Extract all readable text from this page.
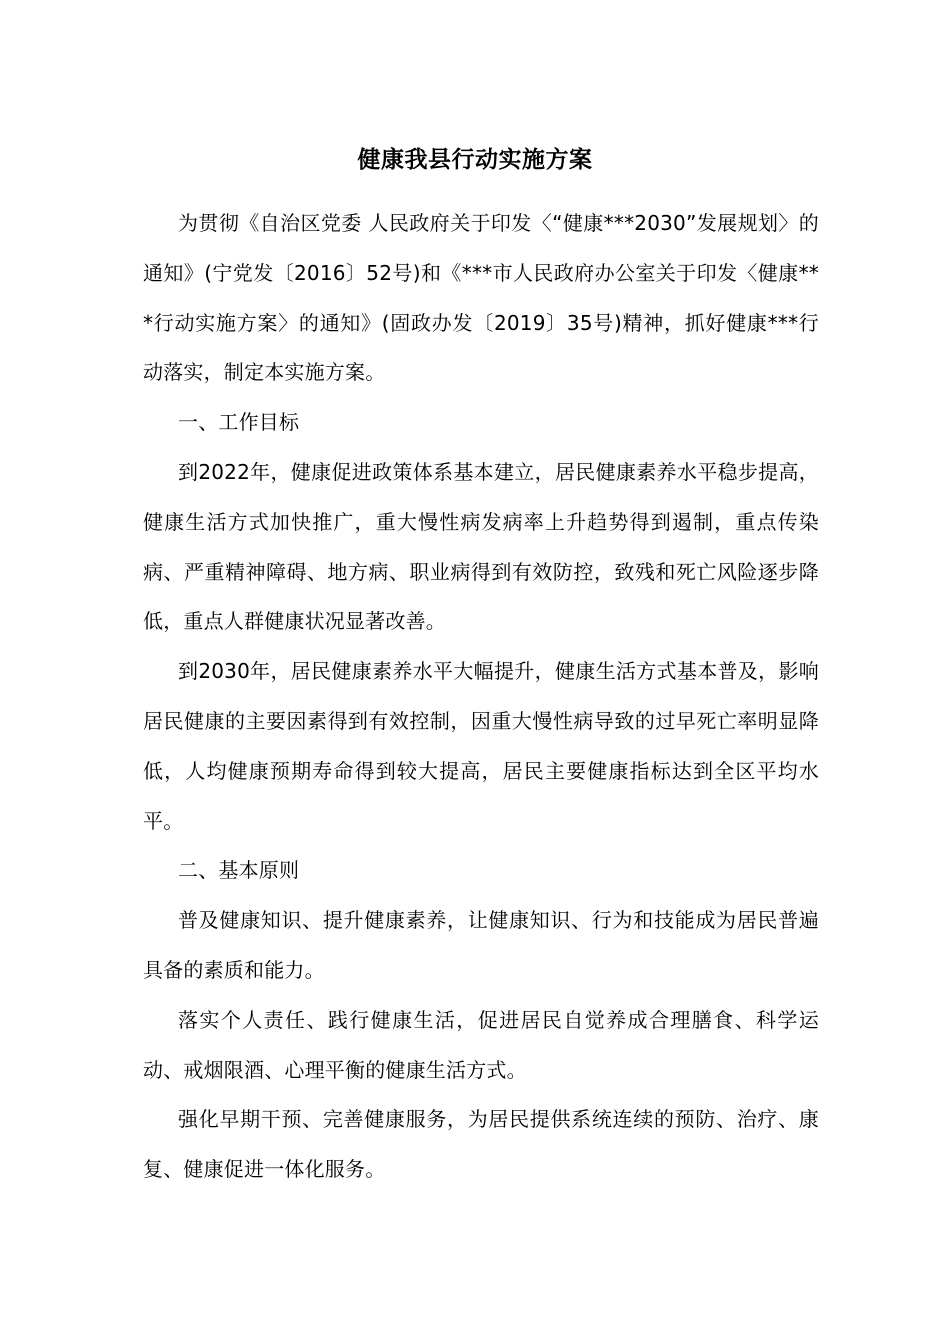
健康我县行动实施方案

为贯彻《自治区党委 人民政府关于印发〈“健康***2030”发展规划〉的通知》(宁党发〔2016〕52号)和《***市人民政府办公室关于印发〈健康***行动实施方案〉的通知》(固政办发〔2019〕35号)精神，抓好健康***行动落实，制定本实施方案。

一、工作目标

到2022年，健康促进政策体系基本建立，居民健康素养水平稳步提高，健康生活方式加快推广，重大慢性病发病率上升趋势得到遏制，重点传染病、严重精神障碍、地方病、职业病得到有效防控，致残和死亡风险逐步降低，重点人群健康状况显著改善。

到2030年，居民健康素养水平大幅提升，健康生活方式基本普及，影响居民健康的主要因素得到有效控制，因重大慢性病导致的过早死亡率明显降低，人均健康预期寿命得到较大提高，居民主要健康指标达到全区平均水平。

二、基本原则

普及健康知识、提升健康素养，让健康知识、行为和技能成为居民普遍具备的素质和能力。

落实个人责任、践行健康生活，促进居民自觉养成合理膳食、科学运动、戒烟限酒、心理平衡的健康生活方式。

强化早期干预、完善健康服务，为居民提供系统连续的预防、治疗、康复、健康促进一体化服务。
